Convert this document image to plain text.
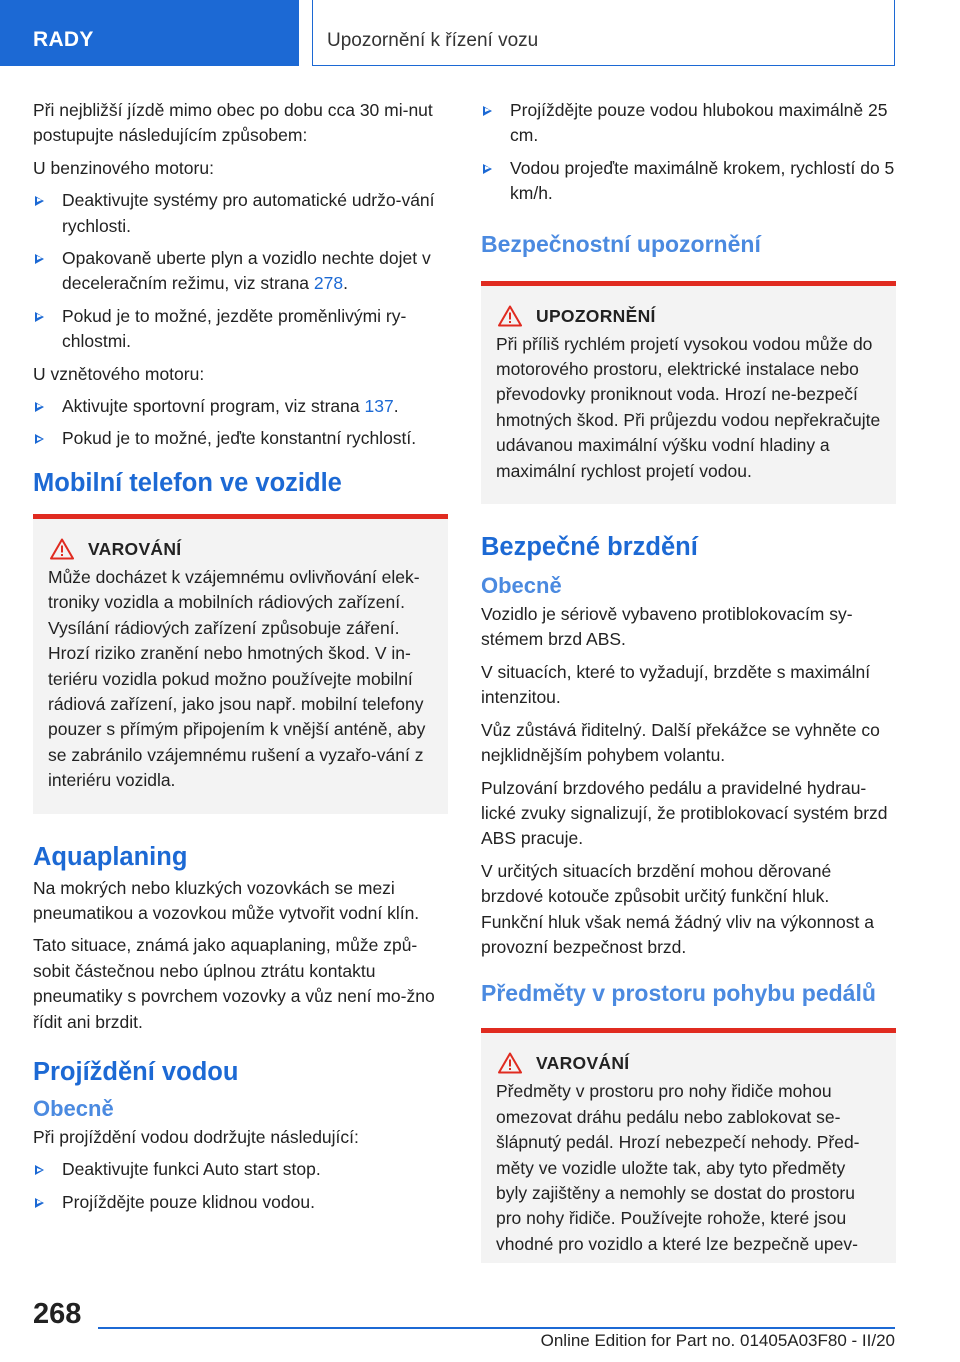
RADY	Upozornění k řízení vozu

Při nejbližší jízdě mimo obec po dobu cca 30 mi-nut postupujte následujícím způsobem:

U benzinového motoru:

Deaktivujte systémy pro automatické udržo-vání rychlosti.
Opakovaně uberte plyn a vozidlo nechte dojet v deceleračním režimu, viz strana 278.
Pokud je to možné, jezděte proměnlivými ry-chlostmi.

U vznětového motoru:

Aktivujte sportovní program, viz strana 137.
Pokud je to možné, jeďte konstantní rychlostí.
Mobilní telefon ve vozidle
VAROVÁNÍ
Může docházet k vzájemnému ovlivňování elek-troniky vozidla a mobilních rádiových zařízení. Vysílání rádiových zařízení způsobuje záření. Hrozí riziko zranění nebo hmotných škod. V in-teriéru vozidla pokud možno používejte mobilní rádiová zařízení, jako jsou např. mobilní telefony pouzer s přímým připojením k vnější anténě, aby se zabránilo vzájemnému rušení a vyzařo-vání z interiéru vozidla.
Aquaplaning

Na mokrých nebo kluzkých vozovkách se mezi pneumatikou a vozovkou může vytvořit vodní klín.

Tato situace, známá jako aquaplaning, může způ-sobit částečnou nebo úplnou ztrátu kontaktu pneumatiky s povrchem vozovky a vůz není mo-žno řídit ani brzdit.

Projíždění vodou
Obecně

Při projíždění vodou dodržujte následující:

Deaktivujte funkci Auto start stop.
Projíždějte pouze klidnou vodou.
Projíždějte pouze vodou hlubokou maximálně 25 cm.
Vodou projeďte maximálně krokem, rychlostí do 5 km/h.
Bezpečnostní upozornění
UPOZORNĚNÍ
Při příliš rychlém projetí vysokou vodou může do motorového prostoru, elektrické instalace nebo převodovky proniknout voda. Hrozí ne-bezpečí hmotných škod. Při průjezdu vodou nepřekračujte udávanou maximální výšku vodní hladiny a maximální rychlost projetí vodou.
Bezpečné brzdění
Obecně

Vozidlo je sériově vybaveno protiblokovacím sy-stémem brzd ABS.

V situacích, které to vyžadují, brzděte s maximální intenzitou.

Vůz zůstává řiditelný. Další překážce se vyhněte co nejklidnějším pohybem volantu.

Pulzování brzdového pedálu a pravidelné hydrau-lické zvuky signalizují, že protiblokovací systém brzd ABS pracuje.

V určitých situacích brzdění mohou děrované brzdové kotouče způsobit určitý funkční hluk. Funkční hluk však nemá žádný vliv na výkonnost a provozní bezpečnost brzd.

Předměty v prostoru pohybu pedálů
VAROVÁNÍ
Předměty v prostoru pro nohy řidiče mohou omezovat dráhu pedálu nebo zablokovat se-šlápnutý pedál. Hrozí nebezpečí nehody. Před-měty ve vozidle uložte tak, aby tyto předměty byly zajištěny a nemohly se dostat do prostoru pro nohy řidiče. Používejte rohože, které jsou vhodné pro vozidlo a které lze bezpečně upev-
268
Online Edition for Part no. 01405A03F80 - II/20
